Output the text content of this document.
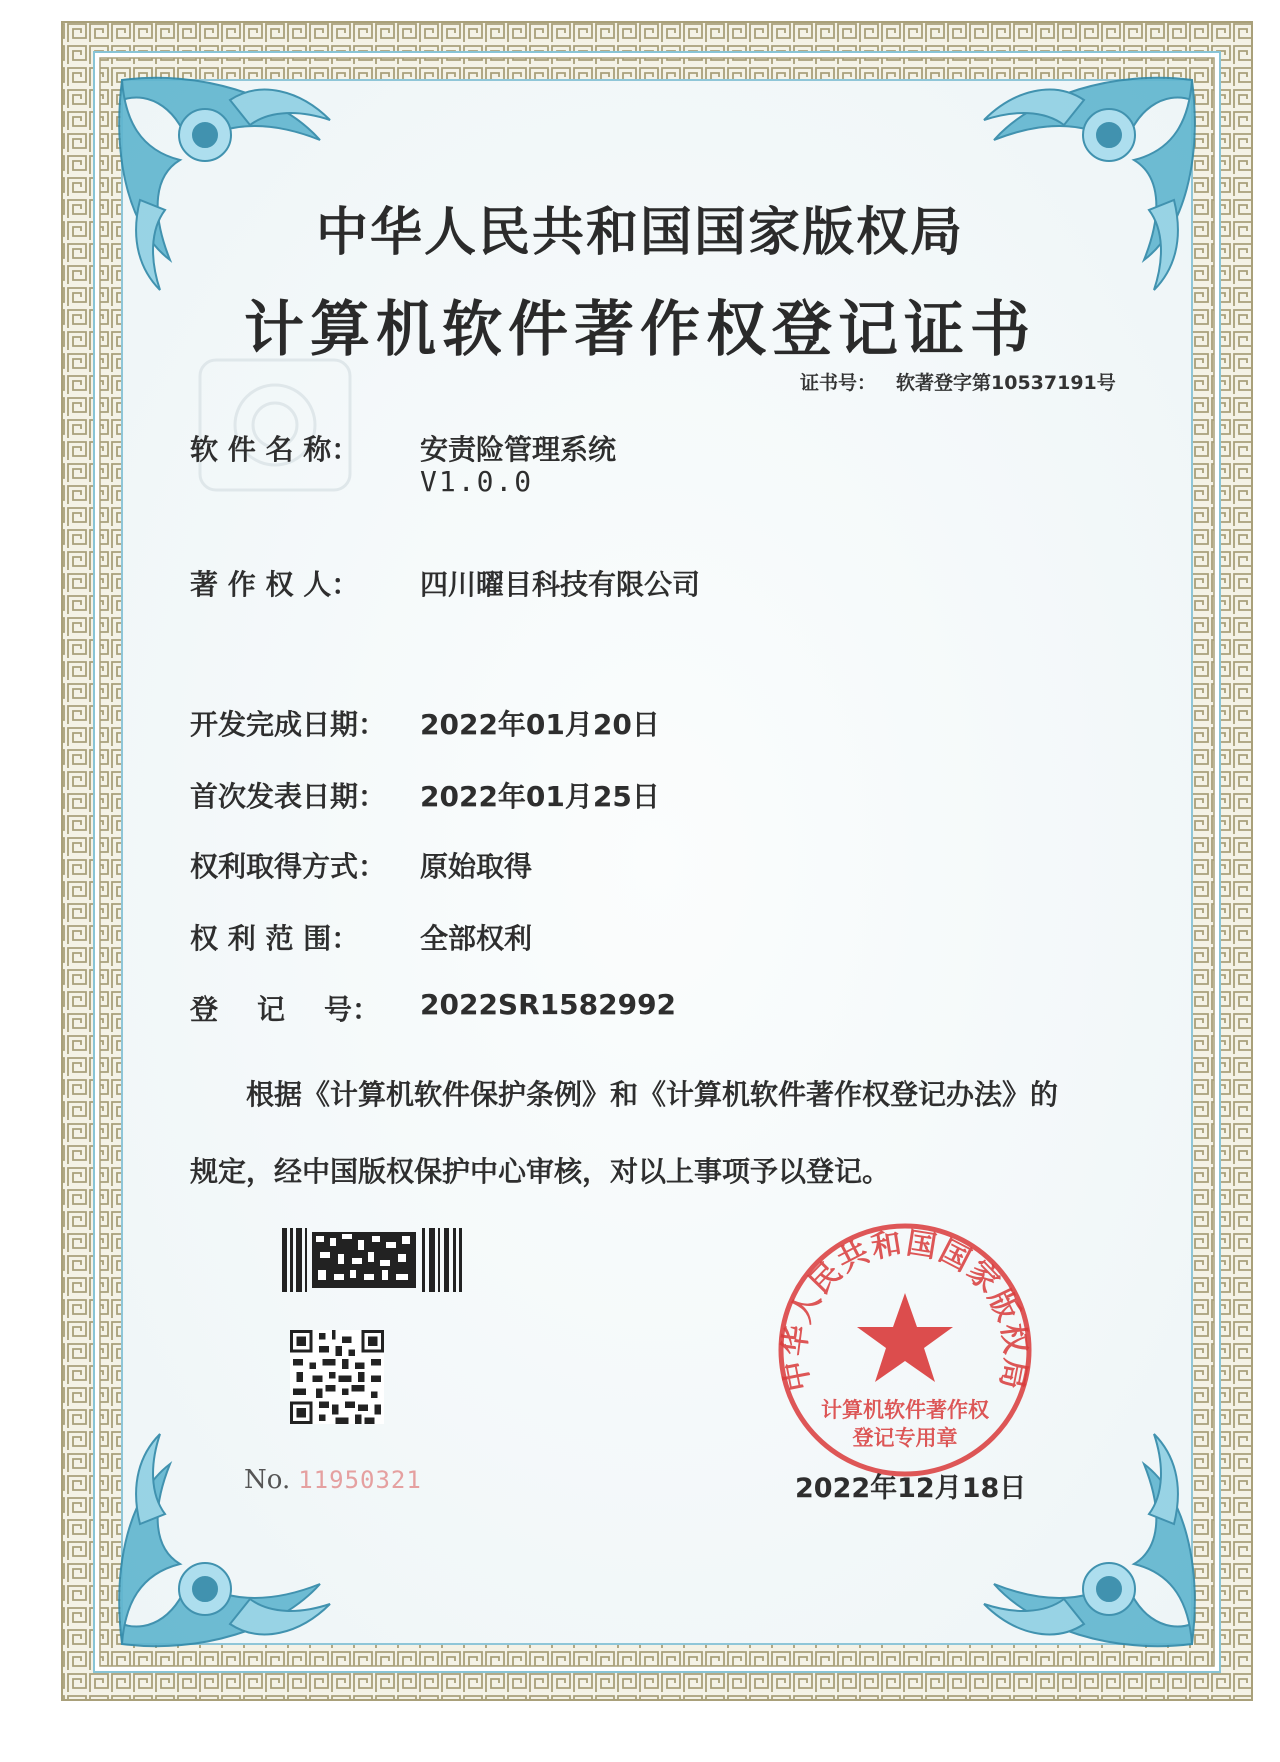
中华人民共和国国家版权局
计算机软件著作权登记证书
证书号： 软著登字第10537191号
软 件 名 称： 安责险管理系统
V1.0.0
著 作 权 人： 四川曜目科技有限公司
开发完成日期： 2022年01月20日
首次发表日期： 2022年01月25日
权利取得方式： 原始取得
权 利 范 围： 全部权利
登    记    号： 2022SR1582992
根据《计算机软件保护条例》和《计算机软件著作权登记办法》的
规定，经中国版权保护中心审核，对以上事项予以登记。
No. 11950321
中华人民共和国国家版权局
计算机软件著作权
登记专用章
2022年12月18日
